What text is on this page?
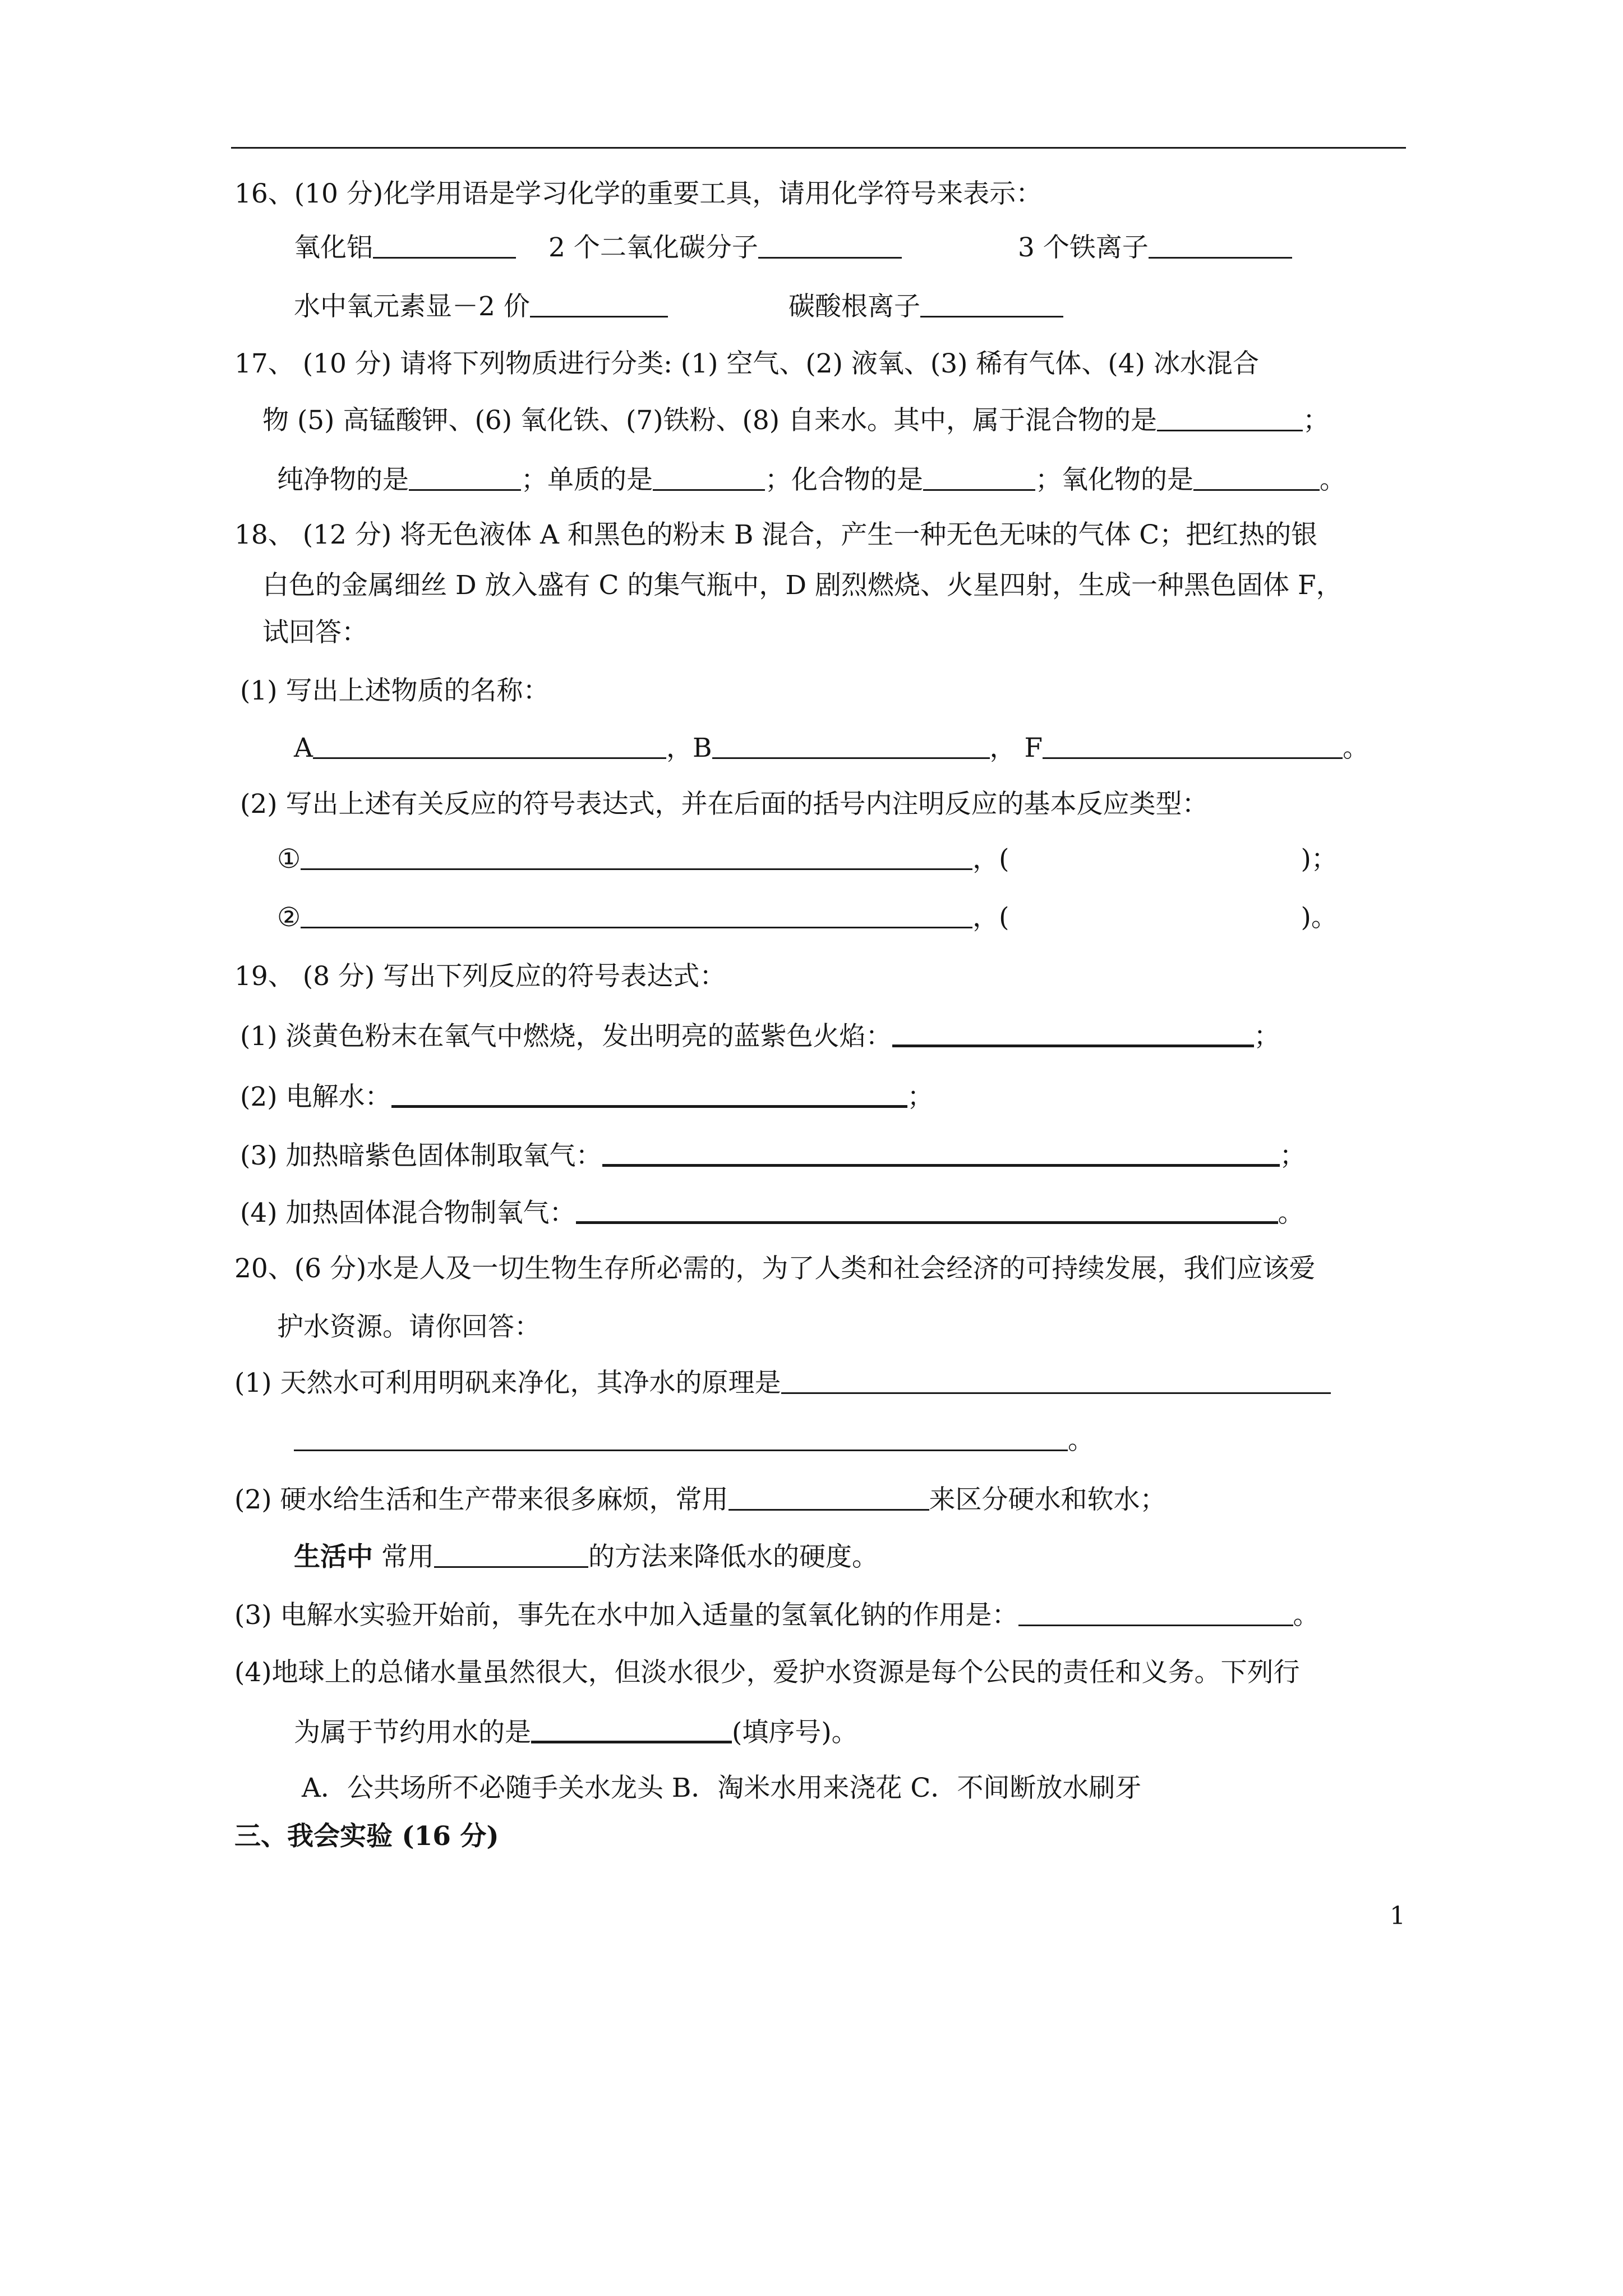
16、(10 分)化学用语是学习化学的重要工具，请用化学符号来表示：
氧化铝	2 个二氧化碳分子	3 个铁离子
水中氧元素显－2 价	碳酸根离子
17、 (10 分) 请将下列物质进行分类: (1) 空气、(2) 液氧、(3) 稀有气体、(4) 冰水混合
物 (5) 高锰酸钾、(6) 氧化铁、(7)铁粉、(8) 自来水。其中，属于混合物的是	；
纯净物的是	；单质的是	；化合物的是	；氧化物的是	。
18、 (12 分) 将无色液体 A 和黑色的粉末 B 混合，产生一种无色无味的气体 C；把红热的银
白色的金属细丝 D 放入盛有 C 的集气瓶中，D 剧烈燃烧、火星四射，生成一种黑色固体 F，
试回答：
(1) 写出上述物质的名称：
A	，B	， F	。
(2) 写出上述有关反应的符号表达式，并在后面的括号内注明反应的基本反应类型：
①	，(	)；
②	，(	)。
19、 (8 分) 写出下列反应的符号表达式：
(1) 淡黄色粉末在氧气中燃烧，发出明亮的蓝紫色火焰：	；
(2) 电解水：	；
(3) 加热暗紫色固体制取氧气：	；
(4) 加热固体混合物制氧气：	。
20、(6 分)水是人及一切生物生存所必需的，为了人类和社会经济的可持续发展，我们应该爱
护水资源。请你回答：
(1) 天然水可利用明矾来净化，其净水的原理是
。
(2) 硬水给生活和生产带来很多麻烦，常用	来区分硬水和软水；
生活中 常用	的方法来降低水的硬度。
(3) 电解水实验开始前，事先在水中加入适量的氢氧化钠的作用是：	。
(4)地球上的总储水量虽然很大，但淡水很少，爱护水资源是每个公民的责任和义务。下列行
为属于节约用水的是	(填序号)。
A．公共场所不必随手关水龙头 B．淘米水用来浇花 C．不间断放水刷牙
三、我会实验 (16 分)
1
